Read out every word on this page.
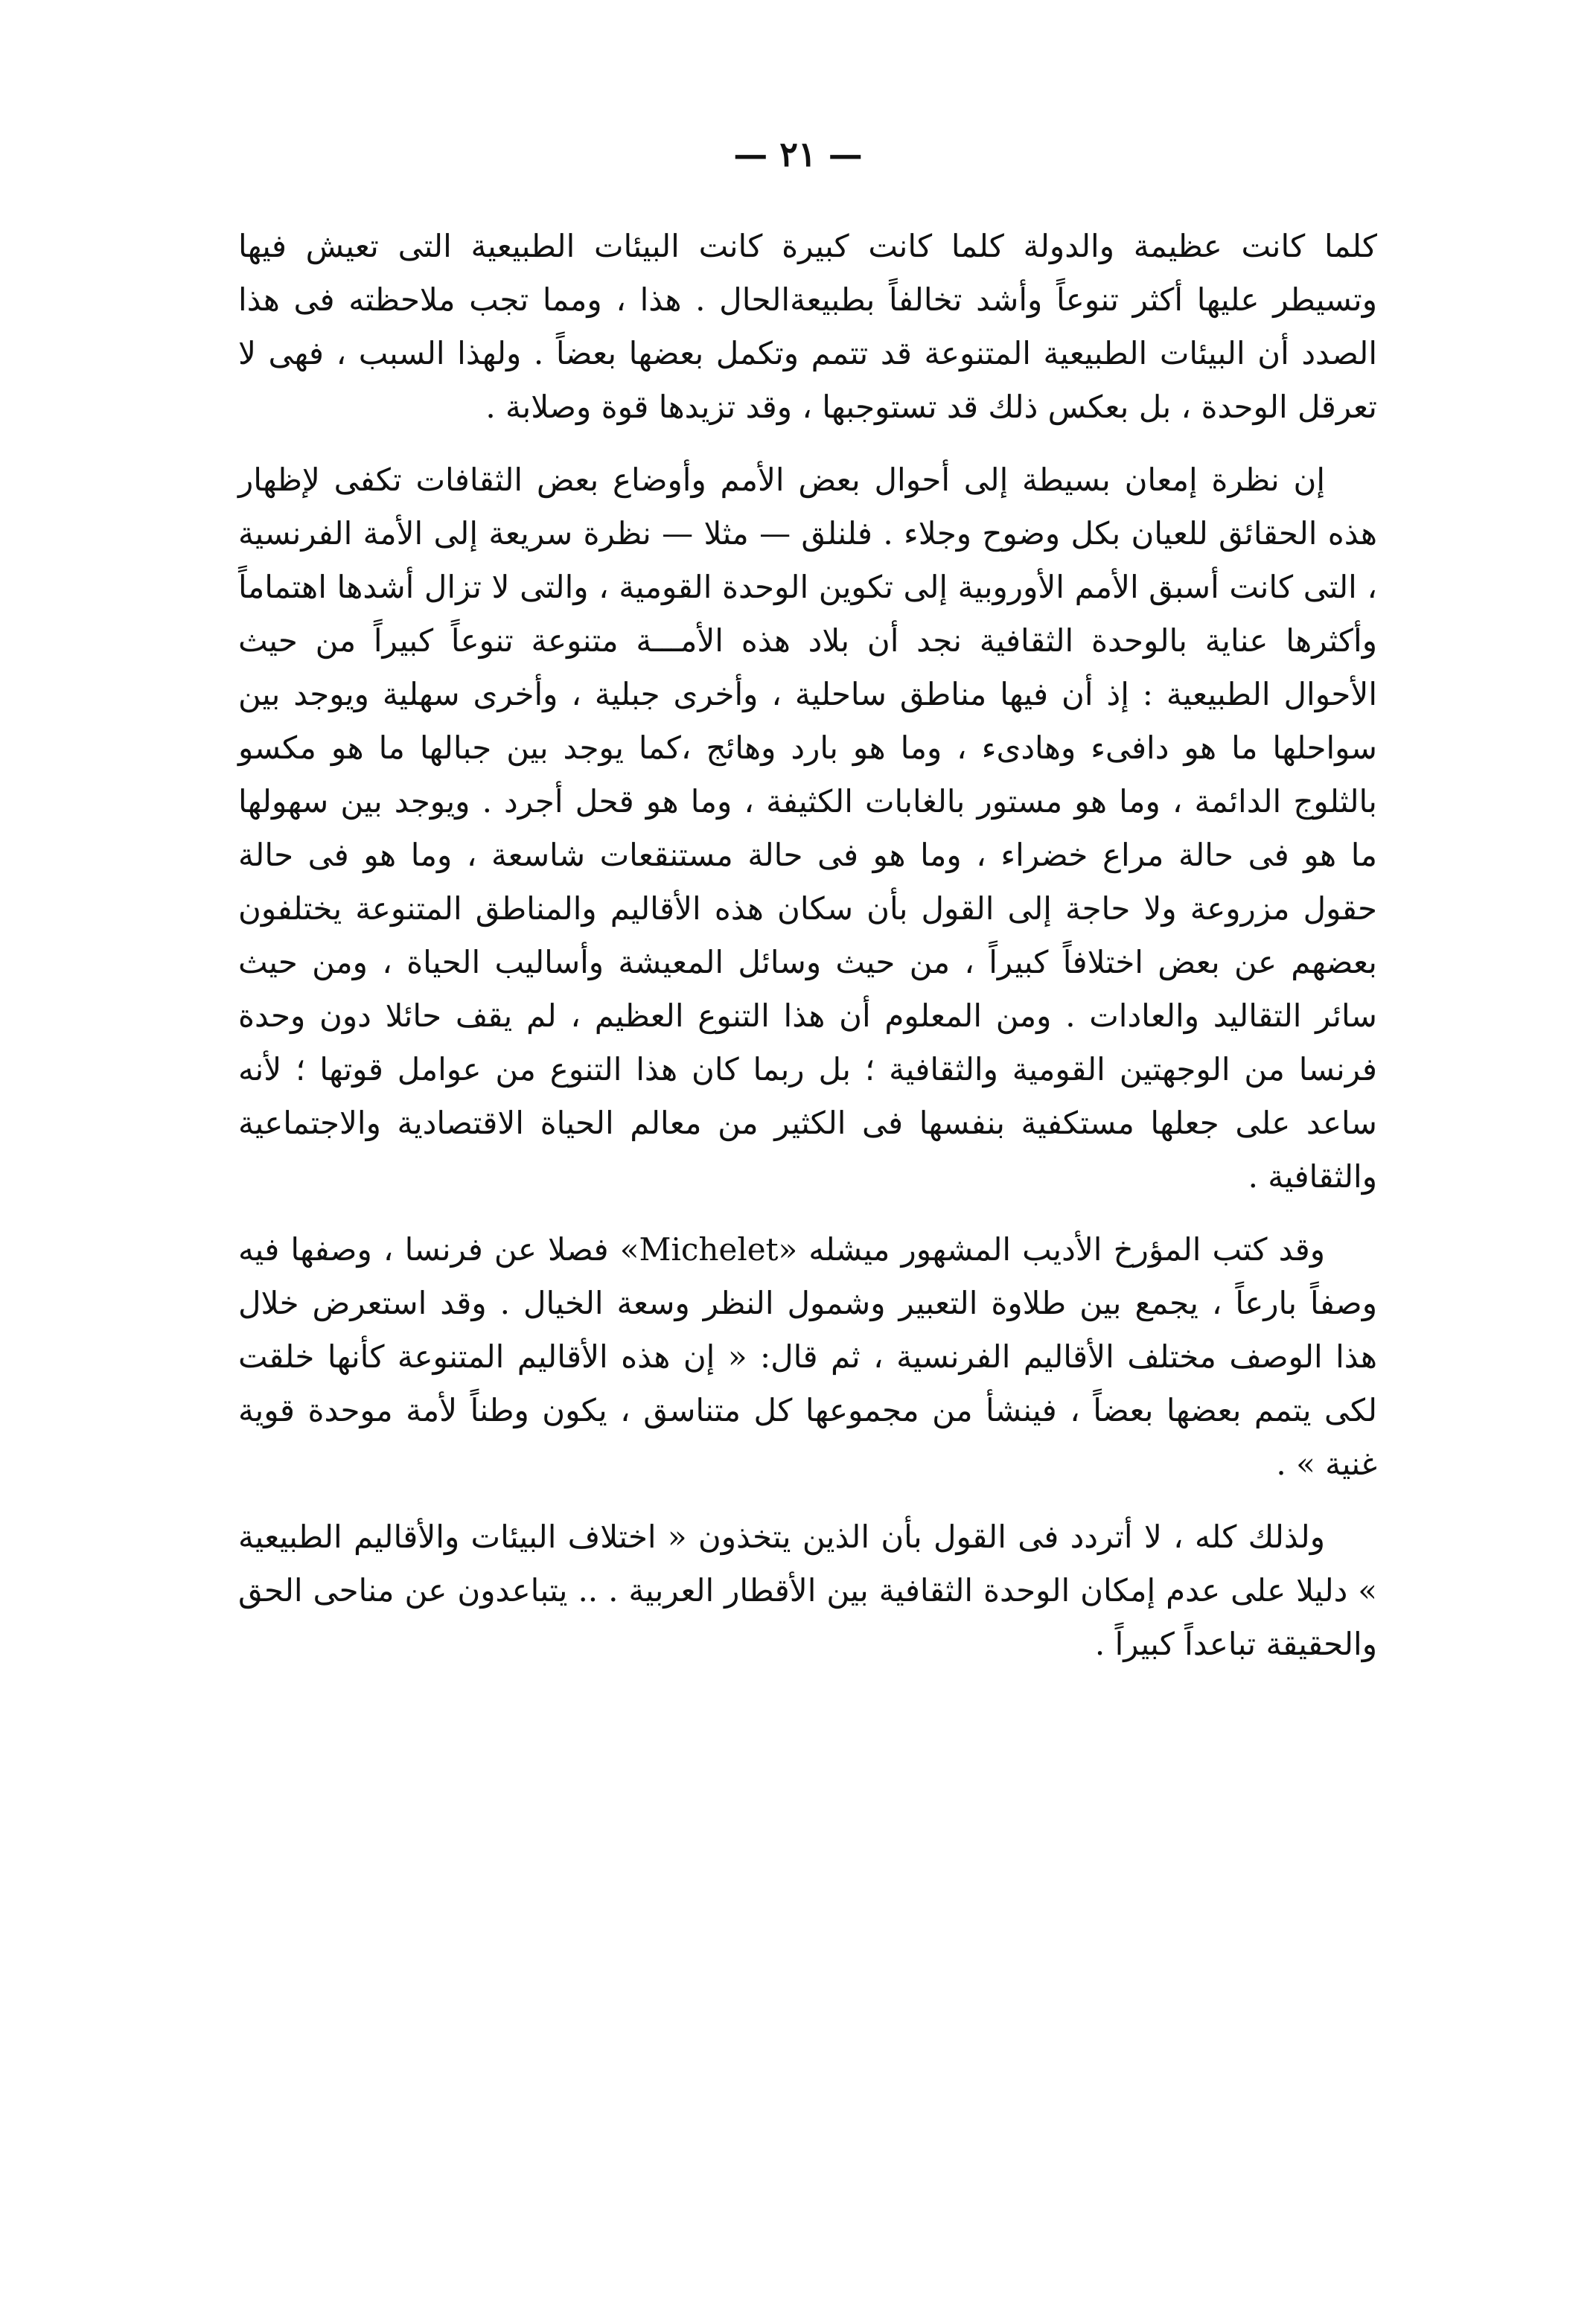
— ٢١ —

كلما كانت عظيمة والدولة كلما كانت كبيرة كانت البيئات الطبيعية التى تعيش فيها وتسيطر عليها أكثر تنوعاً وأشد تخالفاً بطبيعةالحال . هذا ، ومما تجب ملاحظته فى هذا الصدد أن البيئات الطبيعية المتنوعة قد تتمم وتكمل بعضها بعضاً . ولهذا السبب ، فهى لا تعرقل الوحدة ، بل بعكس ذلك قد تستوجبها ، وقد تزيدها قوة وصلابة .

إن نظرة إمعان بسيطة إلى أحوال بعض الأمم وأوضاع بعض الثقافات تكفى لإظهار هذه الحقائق للعيان بكل وضوح وجلاء . فلنلق — مثلا — نظرة سريعة إلى الأمة الفرنسية ، التى كانت أسبق الأمم الأوروبية إلى تكوين الوحدة القومية ، والتى لا تزال أشدها اهتماماً وأكثرها عناية بالوحدة الثقافية نجد أن بلاد هذه الأمـــة متنوعة تنوعاً كبيراً من حيث الأحوال الطبيعية : إذ أن فيها مناطق ساحلية ، وأخرى جبلية ، وأخرى سهلية ويوجد بين سواحلها ما هو دافىء وهادىء ، وما هو بارد وهائج ،كما يوجد بين جبالها ما هو مكسو بالثلوج الدائمة ، وما هو مستور بالغابات الكثيفة ، وما هو قحل أجرد . ويوجد بين سهولها ما هو فى حالة مراع خضراء ، وما هو فى حالة مستنقعات شاسعة ، وما هو فى حالة حقول مزروعة ولا حاجة إلى القول بأن سكان هذه الأقاليم والمناطق المتنوعة يختلفون بعضهم عن بعض اختلافاً كبيراً ، من حيث وسائل المعيشة وأساليب الحياة ، ومن حيث سائر التقاليد والعادات . ومن المعلوم أن هذا التنوع العظيم ، لم يقف حائلا دون وحدة فرنسا من الوجهتين القومية والثقافية ؛ بل ربما كان هذا التنوع من عوامل قوتها ؛ لأنه ساعد على جعلها مستكفية بنفسها فى الكثير من معالم الحياة الاقتصادية والاجتماعية والثقافية .

وقد كتب المؤرخ الأديب المشهور ميشله «Michelet» فصلا عن فرنسا ، وصفها فيه وصفاً بارعاً ، يجمع بين طلاوة التعبير وشمول النظر وسعة الخيال . وقد استعرض خلال هذا الوصف مختلف الأقاليم الفرنسية ، ثم قال: « إن هذه الأقاليم المتنوعة كأنها خلقت لكى يتمم بعضها بعضاً ، فينشأ من مجموعها كل متناسق ، يكون وطناً لأمة موحدة قوية غنية » .

ولذلك كله ، لا أتردد فى القول بأن الذين يتخذون « اختلاف البيئات والأقاليم الطبيعية » دليلا على عدم إمكان الوحدة الثقافية بين الأقطار العربية . .. يتباعدون عن مناحى الحق والحقيقة تباعداً كبيراً .
